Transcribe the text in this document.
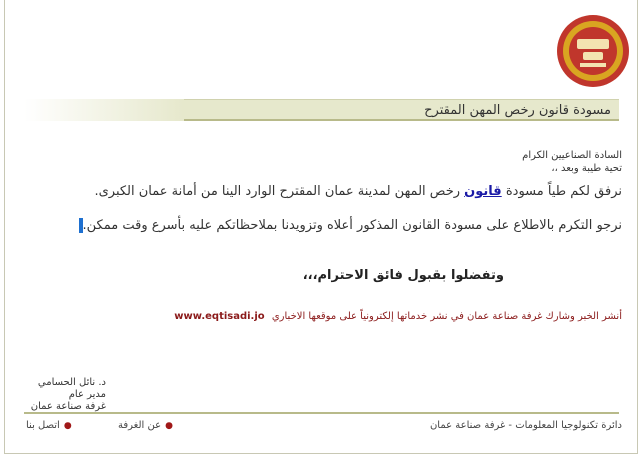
مسودة قانون رخص المهن المقترح
السادة الصناعيين الكرام
تحية طيبة وبعد ،،
نرفق لكم طياً مسودة قانون رخص المهن لمدينة عمان المقترح الوارد الينا من أمانة عمان الكبرى.
نرجو التكرم بالاطلاع على مسودة القانون المذكور أعلاه وتزويدنا بملاحظاتكم عليه بأسرع وقت ممكن.
وتفضلوا بقبول فائق الاحترام،،،
أنشر الخبر وشارك غرفة صناعة عمان في نشر خدماتها إلكترونياً على موقعها الاخباري www.eqtisadi.jo
د. نائل الحسامي
مدير عام
غرفة صناعة عمان
دائرة تكنولوجيا المعلومات - غرفة صناعة عمان
●عن الغرفة
●اتصل بنا
